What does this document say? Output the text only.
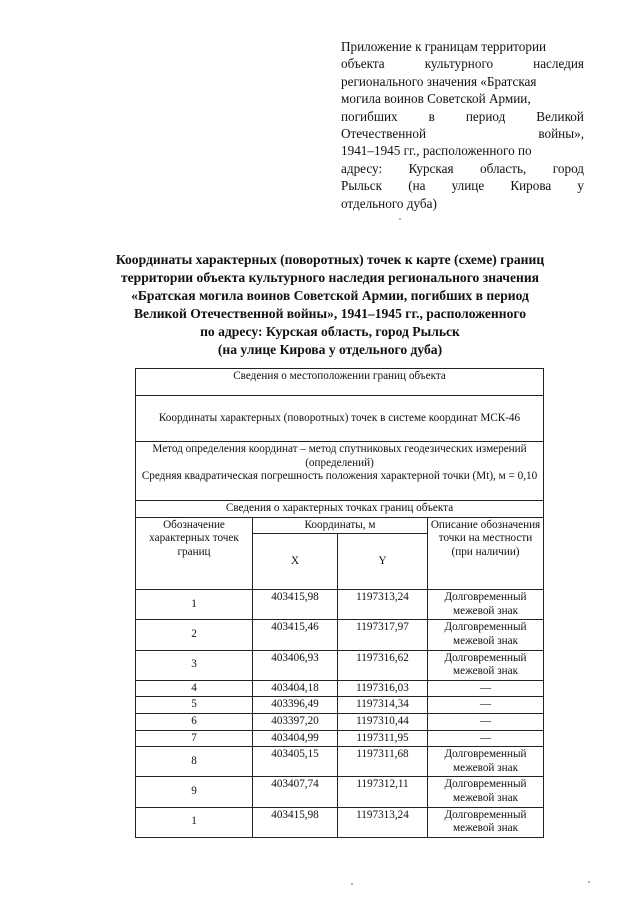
Приложение к границам территории
объекта	культурного	наследия
регионального значения «Братская
могила воинов Советской Армии,
погибших в период Великой
Отечественной	войны»,
1941–1945 гг., расположенного по
адресу: Курская область, город
Рыльск (на улице Кирова у
отдельного дуба)
Координаты характерных (поворотных) точек к карте (схеме) границ
территории объекта культурного наследия регионального значения
«Братская могила воинов Советской Армии, погибших в период
Великой Отечественной войны», 1941–1945 гг., расположенного
по адресу: Курская область, город Рыльск
(на улице Кирова у отдельного дуба)
Сведения о местоположении границ объекта			
Координаты характерных (поворотных) точек в системе координат МСК-46			

Метод определения координат – метод спутниковых геодезических измерений (определений)
Средняя квадратическая погрешность положения характерной точки (Mt), м = 0,10			

Сведения о характерных точках границ объекта			
Обозначение характерных точек границ	Координаты, м		Описание обозначения точки на местности (при наличии)
	X	Y	
1	403415,98	1197313,24	Долговременный межевой знак
2	403415,46	1197317,97	Долговременный межевой знак
3	403406,93	1197316,62	Долговременный межевой знак
4	403404,18	1197316,03	—
5	403396,49	1197314,34	—
6	403397,20	1197310,44	—
7	403404,99	1197311,95	—
8	403405,15	1197311,68	Долговременный межевой знак
9	403407,74	1197312,11	Долговременный межевой знак
1	403415,98	1197313,24	Долговременный межевой знак
